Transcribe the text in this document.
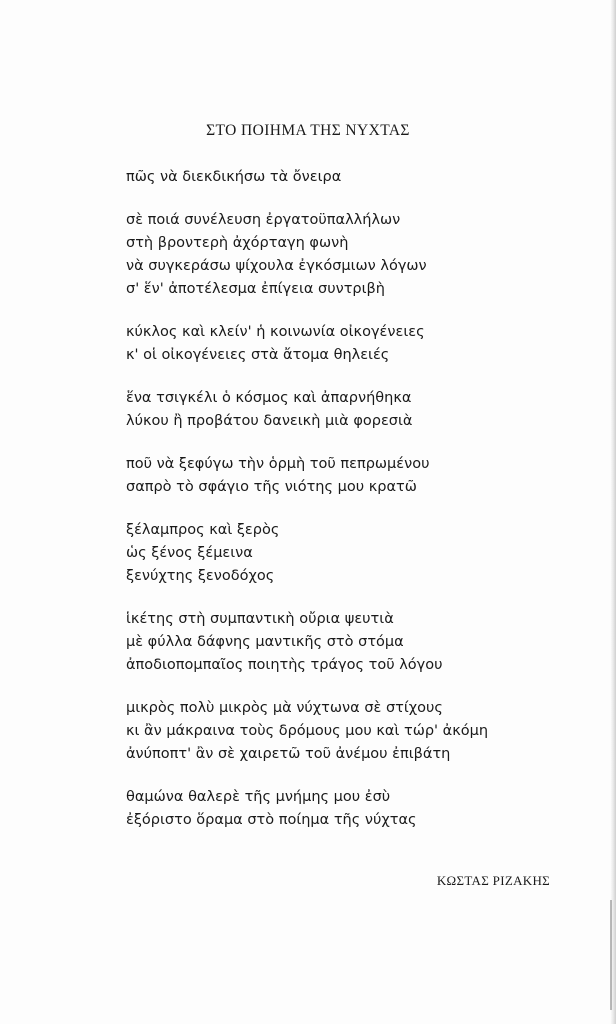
ΣΤΟ ΠΟΙΗΜΑ ΤΗΣ ΝΥΧΤΑΣ
πῶς νὰ διεκδικήσω τὰ ὄνειρα
σὲ ποιά συνέλευση ἐργατοϋπαλλήλων
στὴ βροντερὴ ἀχόρταγη φωνὴ
νὰ συγκεράσω ψίχουλα ἐγκόσμιων λόγων
σ' ἕν' ἀποτέλεσμα ἐπίγεια συντριβὴ
κύκλος καὶ κλείν' ἡ κοινωνία οἰκογένειες
κ' οἱ οἰκογένειες στὰ ἄτομα θηλειές
ἕνα τσιγκέλι ὁ κόσμος καὶ ἀπαρνήθηκα
λύκου ἢ προβάτου δανεικὴ μιὰ φορεσιὰ
ποῦ νὰ ξεφύγω τὴν ὁρμὴ τοῦ πεπρωμένου
σαπρὸ τὸ σφάγιο τῆς νιότης μου κρατῶ
ξέλαμπρος καὶ ξερὸς
ὡς ξένος ξέμεινα
ξενύχτης ξενοδόχος
ἱκέτης στὴ συμπαντικὴ οὔρια ψευτιὰ
μὲ φύλλα δάφνης μαντικῆς στὸ στόμα
ἀποδιοπομπαῖος ποιητὴς τράγος τοῦ λόγου
μικρὸς πολὺ μικρὸς μὰ νύχτωνα σὲ στίχους
κι ἂν μάκραινα τοὺς δρόμους μου καὶ τώρ' ἀκόμη
ἀνύποπτ' ἂν σὲ χαιρετῶ τοῦ ἀνέμου ἐπιβάτη
θαμώνα θαλερὲ τῆς μνήμης μου ἐσὺ
ἐξόριστο ὅραμα στὸ ποίημα τῆς νύχτας

ΚΩΣΤΑΣ ΡΙΖΑΚΗΣ
